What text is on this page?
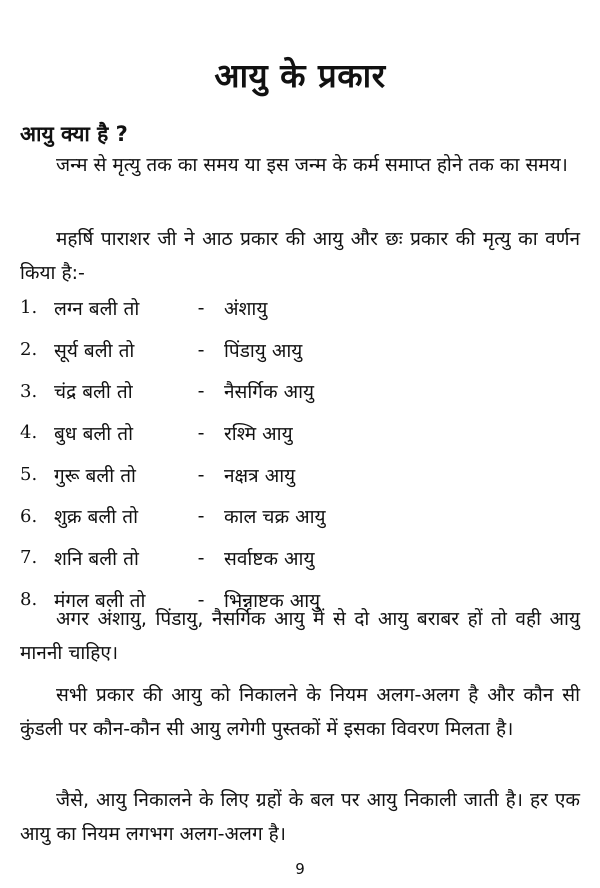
आयु के प्रकार
आयु क्या है ?

जन्म से मृत्यु तक का समय या इस जन्म के कर्म समाप्त होने तक का समय।

महर्षि पाराशर जी ने आठ प्रकार की आयु और छः प्रकार की मृत्यु का वर्णन किया है:-

1. लग्न बली तो	-	अंशायु
2. सूर्य बली तो	-	पिंडायु आयु
3. चंद्र बली तो	-	नैसर्गिक आयु
4. बुध बली तो	-	रश्मि आयु
5. गुरू बली तो	-	नक्षत्र आयु
6. शुक्र बली तो	-	काल चक्र आयु
7. शनि बली तो	-	सर्वाष्टक आयु
8. मंगल बली तो	-	भिन्नाष्टक आयु

अगर अंशायु, पिंडायु, नैसर्गिक आयु में से दो आयु बराबर हों तो वही आयु माननी चाहिए।

सभी प्रकार की आयु को निकालने के नियम अलग-अलग है और कौन सी कुंडली पर कौन-कौन सी आयु लगेगी पुस्तकों में इसका विवरण मिलता है।

जैसे, आयु निकालने के लिए ग्रहों के बल पर आयु निकाली जाती है। हर एक आयु का नियम लगभग अलग-अलग है।

9
